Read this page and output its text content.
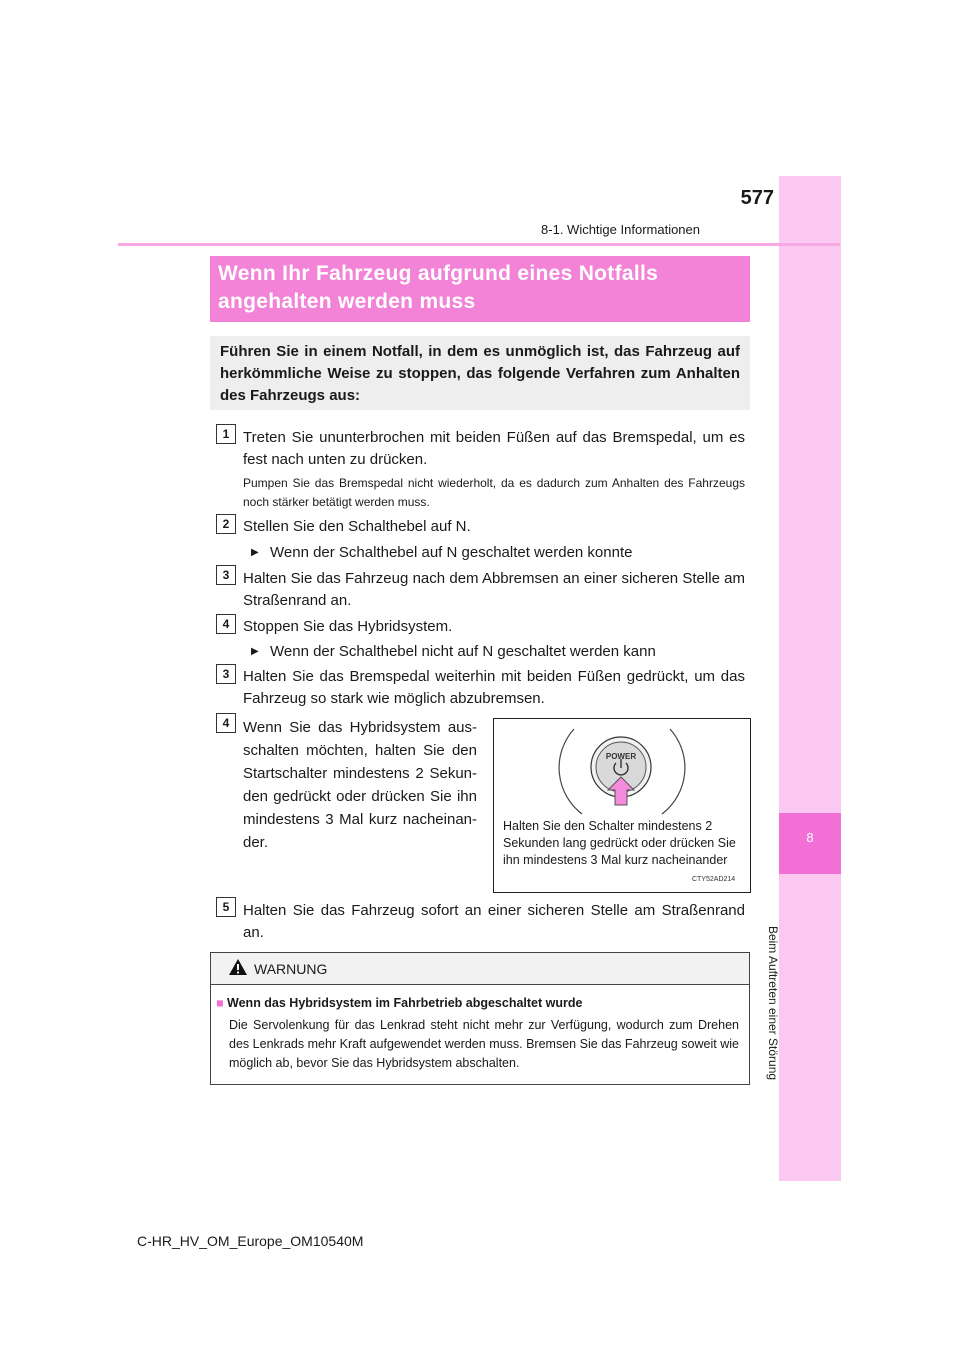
8
Beim Auftreten einer Störung
8-1. Wichtige Informationen
577
Wenn Ihr Fahrzeug aufgrund eines Notfalls angehalten werden muss
Führen Sie in einem Notfall, in dem es unmöglich ist, das Fahrzeug auf herkömmliche Weise zu stoppen, das folgende Verfahren zum Anhalten des Fahrzeugs aus:
1 Treten Sie ununterbrochen mit beiden Füßen auf das Bremspedal, um es fest nach unten zu drücken.
Pumpen Sie das Bremspedal nicht wiederholt, da es dadurch zum Anhalten des Fahrzeugs noch stärker betätigt werden muss.
2 Stellen Sie den Schalthebel auf N.
▶ Wenn der Schalthebel auf N geschaltet werden konnte
3 Halten Sie das Fahrzeug nach dem Abbremsen an einer sicheren Stelle am Straßenrand an.
4 Stoppen Sie das Hybridsystem.
▶ Wenn der Schalthebel nicht auf N geschaltet werden kann
3 Halten Sie das Bremspedal weiterhin mit beiden Füßen gedrückt, um das Fahrzeug so stark wie möglich abzubremsen.
4 Wenn Sie das Hybridsystem aus-schalten möchten, halten Sie den Startschalter mindestens 2 Sekun-den gedrückt oder drücken Sie ihn mindestens 3 Mal kurz nacheinan-der.
POWER
Halten Sie den Schalter mindestens 2 Sekunden lang gedrückt oder drücken Sie ihn mindestens 3 Mal kurz nacheinander
CTY52AD214
5 Halten Sie das Fahrzeug sofort an einer sicheren Stelle am Straßenrand an.
WARNUNG
■ Wenn das Hybridsystem im Fahrbetrieb abgeschaltet wurde
Die Servolenkung für das Lenkrad steht nicht mehr zur Verfügung, wodurch zum Drehen des Lenkrads mehr Kraft aufgewendet werden muss. Bremsen Sie das Fahrzeug soweit wie möglich ab, bevor Sie das Hybridsystem abschalten.
C-HR_HV_OM_Europe_OM10540M
